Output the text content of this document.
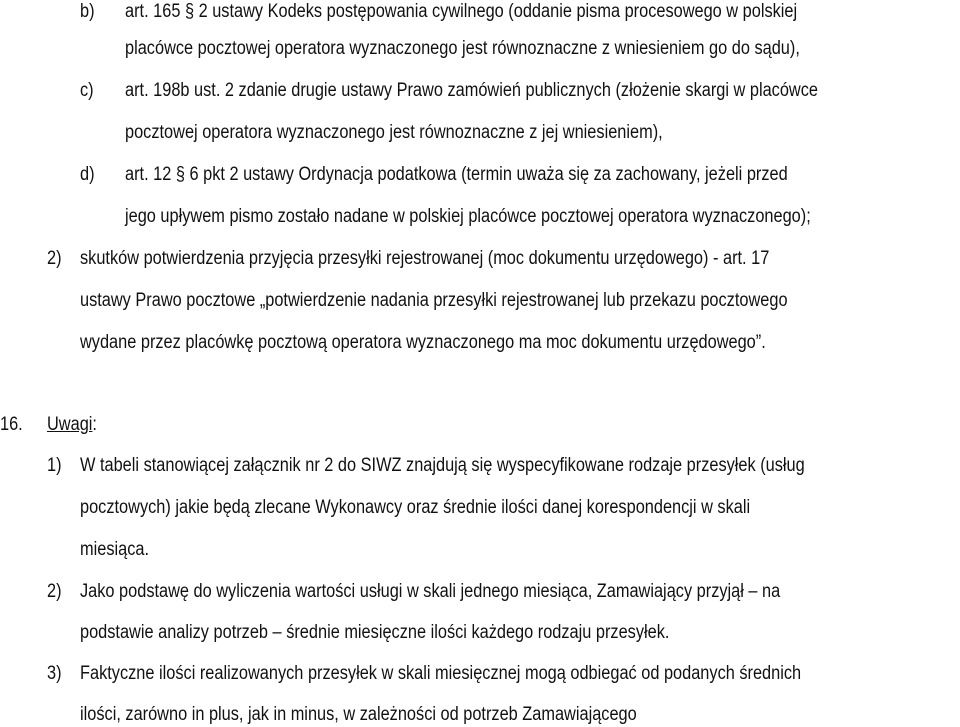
b) art. 165 § 2 ustawy Kodeks postępowania cywilnego (oddanie pisma procesowego w polskiej
placówce pocztowej operatora wyznaczonego jest równoznaczne z wniesieniem go do sądu),
c) art. 198b ust. 2 zdanie drugie ustawy Prawo zamówień publicznych (złożenie skargi w placówce
pocztowej operatora wyznaczonego jest równoznaczne z jej wniesieniem),
d) art. 12 § 6 pkt 2 ustawy Ordynacja podatkowa (termin uważa się za zachowany, jeżeli przed
jego upływem pismo zostało nadane w polskiej placówce pocztowej operatora wyznaczonego);
2) skutków potwierdzenia przyjęcia przesyłki rejestrowanej (moc dokumentu urzędowego) - art. 17
ustawy Prawo pocztowe „potwierdzenie nadania przesyłki rejestrowanej lub przekazu pocztowego
wydane przez placówkę pocztową operatora wyznaczonego ma moc dokumentu urzędowego”.
16. Uwagi:
1) W tabeli stanowiącej załącznik nr 2 do SIWZ znajdują się wyspecyfikowane rodzaje przesyłek (usług
pocztowych) jakie będą zlecane Wykonawcy oraz średnie ilości danej korespondencji w skali
miesiąca.
2) Jako podstawę do wyliczenia wartości usługi w skali jednego miesiąca, Zamawiający przyjął – na
podstawie analizy potrzeb – średnie miesięczne ilości każdego rodzaju przesyłek.
3) Faktyczne ilości realizowanych przesyłek w skali miesięcznej mogą odbiegać od podanych średnich
ilości, zarówno in plus, jak in minus, w zależności od potrzeb Zamawiającego
